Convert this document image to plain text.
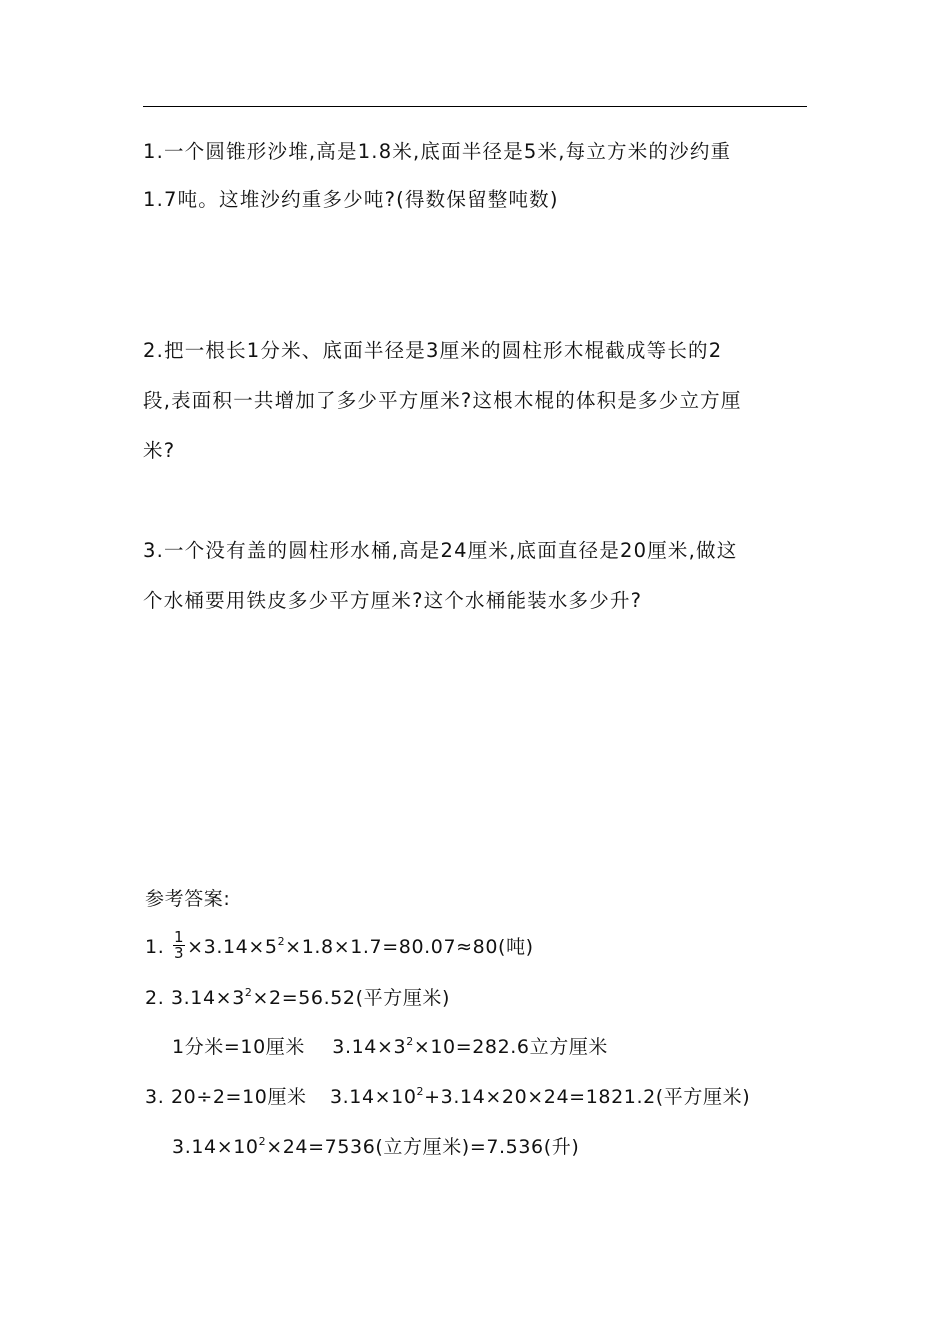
1.一个圆锥形沙堆,高是1.8米,底面半径是5米,每立方米的沙约重
1.7吨。这堆沙约重多少吨?(得数保留整吨数)
2.把一根长1分米、底面半径是3厘米的圆柱形木棍截成等长的2
段,表面积一共增加了多少平方厘米?这根木棍的体积是多少立方厘
米?
3.一个没有盖的圆柱形水桶,高是24厘米,底面直径是20厘米,做这
个水桶要用铁皮多少平方厘米?这个水桶能装水多少升?
参考答案:
1. $\frac{1}{3} \times 3.14\times 5^2\times 1.8\times 1.7=80.07\approx 80$(吨)
2. $3.14\times 3^2\times 2=56.52$(平方厘米)
1分米=10厘米 $3.14\times 3^2\times 10=282.6$立方厘米
3. 20÷2=10厘米 $3.14\times 10^2+3.14\times 20\times 24=1821.2$(平方厘米)
$3.14\times 10^2\times 24=7536$(立方厘米)=7.536(升)
